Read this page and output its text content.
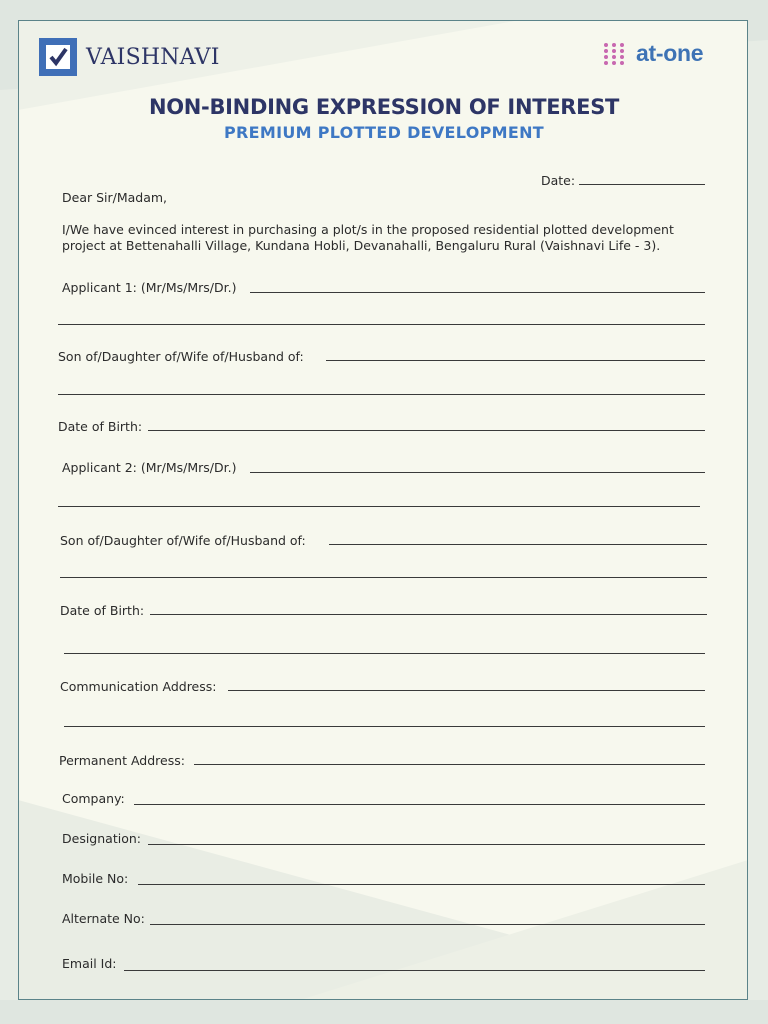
VAISHNAVI	at-one
NON-BINDING EXPRESSION OF INTEREST
PREMIUM PLOTTED DEVELOPMENT
Date:
Dear Sir/Madam,
I/We have evinced interest in purchasing a plot/s in the proposed residential plotted development
project at Bettenahalli Village, Kundana Hobli, Devanahalli, Bengaluru Rural (Vaishnavi Life - 3).
Applicant 1: (Mr/Ms/Mrs/Dr.)
Son of/Daughter of/Wife of/Husband of:
Date of Birth:
Applicant 2: (Mr/Ms/Mrs/Dr.)
Son of/Daughter of/Wife of/Husband of:
Date of Birth:
Communication Address:
Permanent Address:
Company:
Designation:
Mobile No:
Alternate No:
Email Id:
